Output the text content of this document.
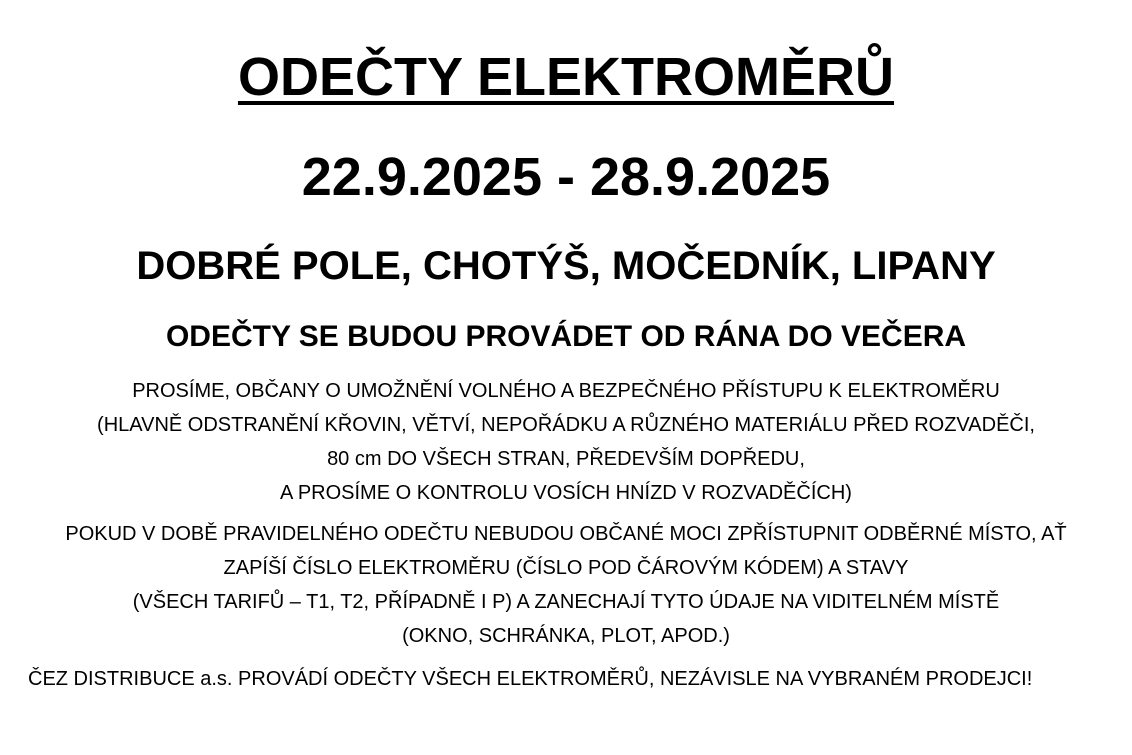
ODEČTY ELEKTROMĚRŮ
22.9.2025 - 28.9.2025
DOBRÉ POLE, CHOTÝŠ, MOČEDNÍK, LIPANY
ODEČTY SE BUDOU PROVÁDET OD RÁNA DO VEČERA
PROSÍME, OBČANY O UMOŽNĚNÍ VOLNÉHO A BEZPEČNÉHO PŘÍSTUPU K ELEKTROMĚRU
(HLAVNĚ ODSTRANĚNÍ KŘOVIN, VĚTVÍ, NEPOŘÁDKU A RŮZNÉHO MATERIÁLU PŘED ROZVADĚČI,
80 cm DO VŠECH STRAN, PŘEDEVŠÍM DOPŘEDU,
A PROSÍME O KONTROLU VOSÍCH HNÍZD V ROZVADĚČÍCH)
POKUD V DOBĚ PRAVIDELNÉHO ODEČTU NEBUDOU OBČANÉ MOCI ZPŘÍSTUPNIT ODBĚRNÉ MÍSTO, AŤ
ZAPÍŠÍ ČÍSLO ELEKTROMĚRU (ČÍSLO POD ČÁROVÝM KÓDEM) A STAVY
(VŠECH TARIFŮ – T1, T2, PŘÍPADNĚ I P) A ZANECHAJÍ TYTO ÚDAJE NA VIDITELNÉM MÍSTĚ
(OKNO, SCHRÁNKA, PLOT, APOD.)
ČEZ DISTRIBUCE a.s. PROVÁDÍ ODEČTY VŠECH ELEKTROMĚRŮ, NEZÁVISLE NA VYBRANÉM PRODEJCI!
